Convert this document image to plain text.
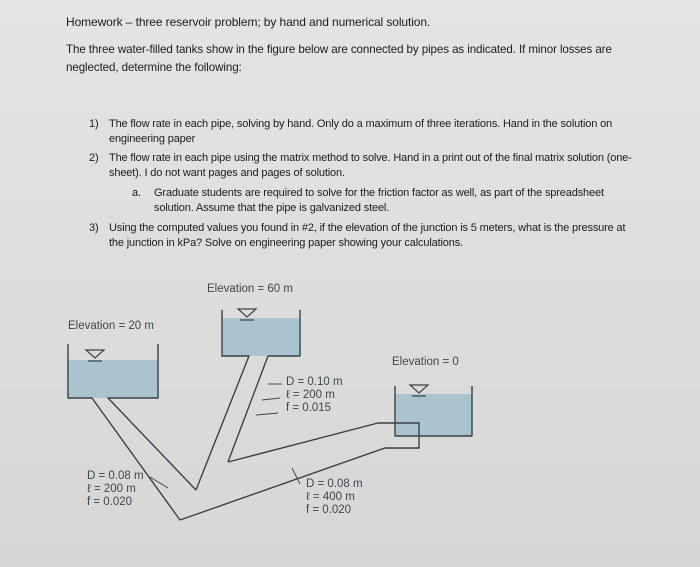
Homework – three reservoir problem; by hand and numerical solution.
The three water-filled tanks show in the figure below are connected by pipes as indicated. If minor losses are neglected, determine the following:
1) The flow rate in each pipe, solving by hand. Only do a maximum of three iterations. Hand in the solution on engineering paper
2) The flow rate in each pipe using the matrix method to solve. Hand in a print out of the final matrix solution (one-sheet). I do not want pages and pages of solution.
a. Graduate students are required to solve for the friction factor as well, as part of the spreadsheet solution. Assume that the pipe is galvanized steel.
3) Using the computed values you found in #2, if the elevation of the junction is 5 meters, what is the pressure at the junction in kPa? Solve on engineering paper showing your calculations.
Elevation = 60 m
Elevation = 20 m
Elevation = 0
D = 0.10 m
ℓ = 200 m
f = 0.015
D = 0.08 m
ℓ = 200 m
f = 0.020
D = 0.08 m
ℓ = 400 m
f = 0.020
